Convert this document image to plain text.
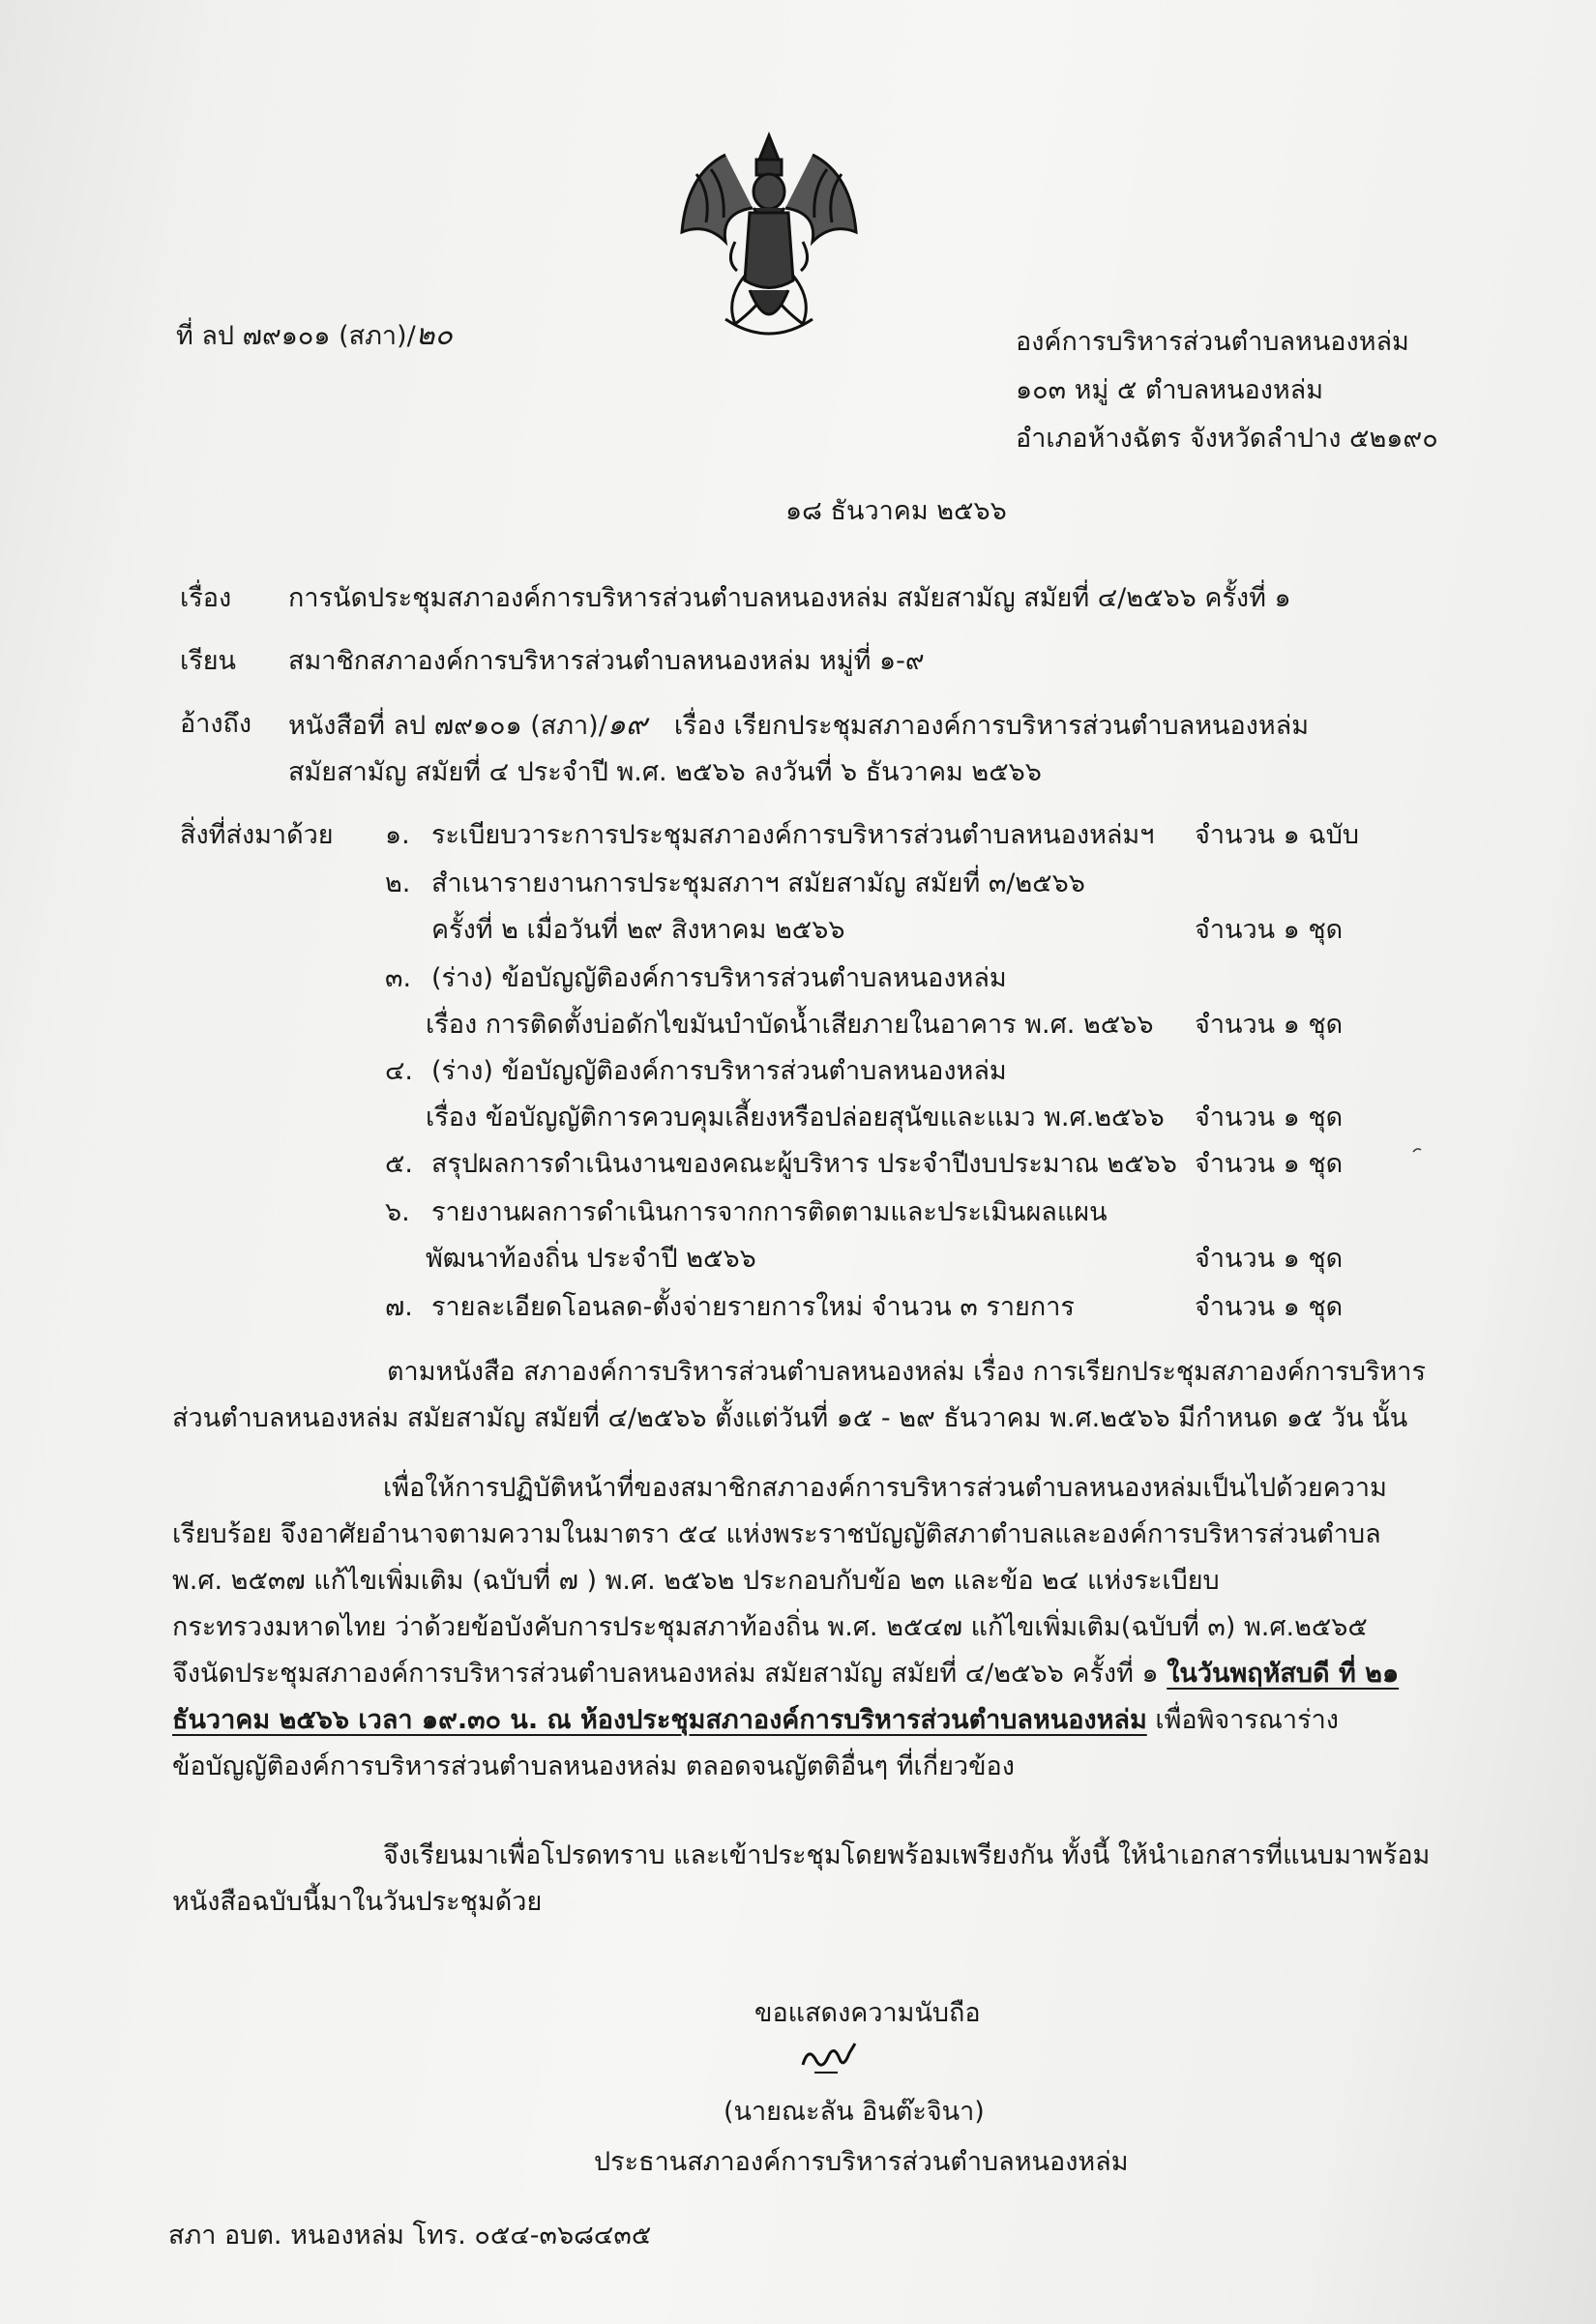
ที่ ลป ๗๙๑๐๑ (สภา)/๒๐	องค์การบริหารส่วนตำบลหนองหล่ม
๑๐๓ หมู่ ๕ ตำบลหนองหล่ม
อำเภอห้างฉัตร จังหวัดลำปาง ๕๒๑๙๐
๑๘ ธันวาคม ๒๕๖๖
เรื่อง การนัดประชุมสภาองค์การบริหารส่วนตำบลหนองหล่ม สมัยสามัญ สมัยที่ ๔/๒๕๖๖ ครั้งที่ ๑
เรียน สมาชิกสภาองค์การบริหารส่วนตำบลหนองหล่ม หมู่ที่ ๑-๙
อ้างถึง หนังสือที่ ลป ๗๙๑๐๑ (สภา)/๑๙ เรื่อง เรียกประชุมสภาองค์การบริหารส่วนตำบลหนองหล่ม
สมัยสามัญ สมัยที่ ๔ ประจำปี พ.ศ. ๒๕๖๖ ลงวันที่ ๖ ธันวาคม ๒๕๖๖
สิ่งที่ส่งมาด้วย ๑. ระเบียบวาระการประชุมสภาองค์การบริหารส่วนตำบลหนองหล่มฯ จำนวน ๑ ฉบับ
๒. สำเนารายงานการประชุมสภาฯ สมัยสามัญ สมัยที่ ๓/๒๕๖๖
ครั้งที่ ๒ เมื่อวันที่ ๒๙ สิงหาคม ๒๕๖๖	จำนวน ๑ ชุด
๓. (ร่าง) ข้อบัญญัติองค์การบริหารส่วนตำบลหนองหล่ม
เรื่อง การติดตั้งบ่อดักไขมันบำบัดน้ำเสียภายในอาคาร พ.ศ. ๒๕๖๖ จำนวน ๑ ชุด
๔. (ร่าง) ข้อบัญญัติองค์การบริหารส่วนตำบลหนองหล่ม
เรื่อง ข้อบัญญัติการควบคุมเลี้ยงหรือปล่อยสุนัขและแมว พ.ศ.๒๕๖๖ จำนวน ๑ ชุด
๕. สรุปผลการดำเนินงานของคณะผู้บริหาร ประจำปีงบประมาณ ๒๕๖๖ จำนวน ๑ ชุด
๖. รายงานผลการดำเนินการจากการติดตามและประเมินผลแผน
พัฒนาท้องถิ่น ประจำปี ๒๕๖๖	จำนวน ๑ ชุด
๗. รายละเอียดโอนลด-ตั้งจ่ายรายการใหม่ จำนวน ๓ รายการ	จำนวน ๑ ชุด
ตามหนังสือ สภาองค์การบริหารส่วนตำบลหนองหล่ม เรื่อง การเรียกประชุมสภาองค์การบริหาร
ส่วนตำบลหนองหล่ม สมัยสามัญ สมัยที่ ๔/๒๕๖๖ ตั้งแต่วันที่ ๑๕ - ๒๙ ธันวาคม พ.ศ.๒๕๖๖ มีกำหนด ๑๕ วัน นั้น
เพื่อให้การปฏิบัติหน้าที่ของสมาชิกสภาองค์การบริหารส่วนตำบลหนองหล่มเป็นไปด้วยความ
เรียบร้อย จึงอาศัยอำนาจตามความในมาตรา ๕๔ แห่งพระราชบัญญัติสภาตำบลและองค์การบริหารส่วนตำบล
พ.ศ. ๒๕๓๗ แก้ไขเพิ่มเติม (ฉบับที่ ๗ ) พ.ศ. ๒๕๖๒ ประกอบกับข้อ ๒๓ และข้อ ๒๔ แห่งระเบียบ
กระทรวงมหาดไทย ว่าด้วยข้อบังคับการประชุมสภาท้องถิ่น พ.ศ. ๒๕๔๗ แก้ไขเพิ่มเติม(ฉบับที่ ๓) พ.ศ.๒๕๖๕
จึงนัดประชุมสภาองค์การบริหารส่วนตำบลหนองหล่ม สมัยสามัญ สมัยที่ ๔/๒๕๖๖ ครั้งที่ ๑ ในวันพฤหัสบดี ที่ ๒๑
ธันวาคม ๒๕๖๖ เวลา ๑๙.๓๐ น. ณ ห้องประชุมสภาองค์การบริหารส่วนตำบลหนองหล่ม เพื่อพิจารณาร่าง
ข้อบัญญัติองค์การบริหารส่วนตำบลหนองหล่ม ตลอดจนญัตติอื่นๆ ที่เกี่ยวข้อง
จึงเรียนมาเพื่อโปรดทราบ และเข้าประชุมโดยพร้อมเพรียงกัน ทั้งนี้ ให้นำเอกสารที่แนบมาพร้อม
หนังสือฉบับนี้มาในวันประชุมด้วย
ขอแสดงความนับถือ
(นายณะลัน อินต๊ะจินา)
ประธานสภาองค์การบริหารส่วนตำบลหนองหล่ม
สภา อบต. หนองหล่ม โทร. ๐๕๔-๓๖๘๔๓๕
